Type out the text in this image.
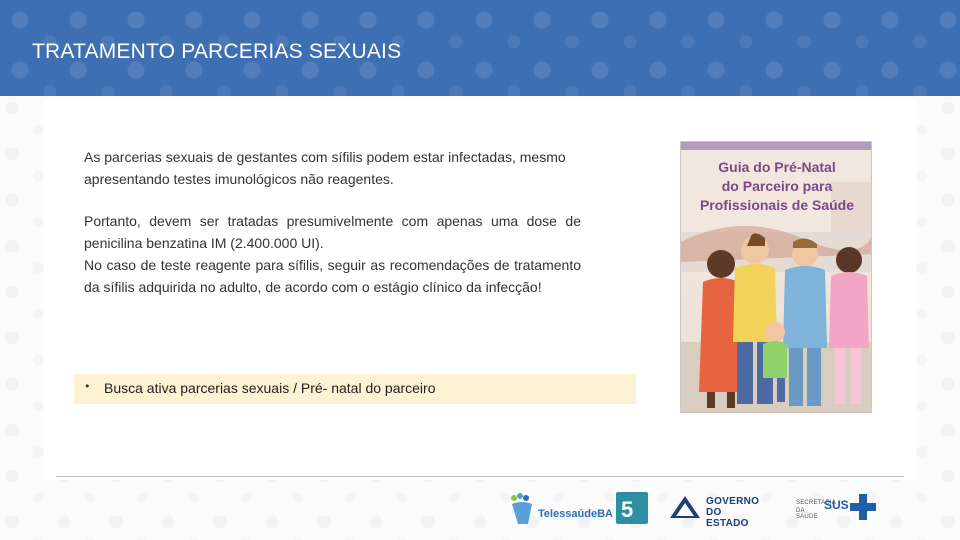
TRATAMENTO PARCERIAS SEXUAIS

As parcerias sexuais de gestantes com sífilis podem estar infectadas, mesmo apresentando testes imunológicos não reagentes.

Portanto, devem ser tratadas presumivelmente com apenas uma dose de penicilina benzatina IM (2.400.000 UI).

No caso de teste reagente para sífilis, seguir as recomendações de tratamento da sífilis adquirida no adulto, de acordo com o estágio clínico da infecção!

• Busca ativa parcerias sexuais / Pré- natal do parceiro
Guia do Pré-Natal
do Parceiro para
Profissionais de Saúde
TelessaúdeBA 5	GOVERNO
DO ESTADO
SECRETARIA
DA SAÚDE
SUS
